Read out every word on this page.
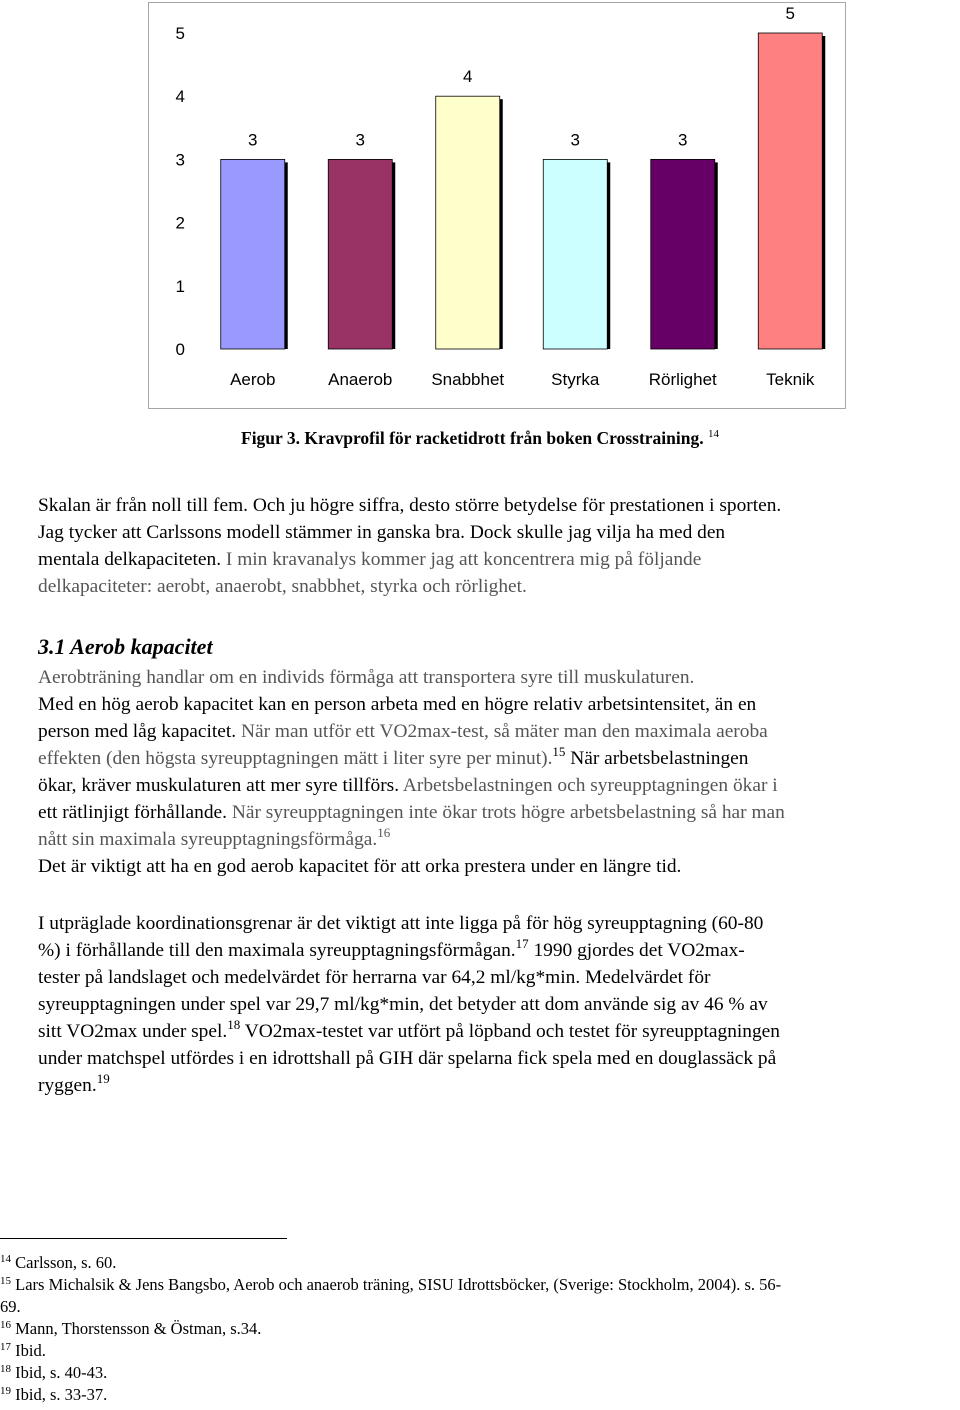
0
1
2
3
4
5
3
Aerob
3
Anaerob
4
Snabbhet
3
Styrka
3
Rörlighet
5
Teknik
Figur 3. Kravprofil för racketidrott från boken Crosstraining. $^{14}$
Skalan är från noll till fem. Och ju högre siffra, desto större betydelse för prestationen i sporten.
Jag tycker att Carlssons modell stämmer in ganska bra. Dock skulle jag vilja ha med den
mentala delkapaciteten. I min kravanalys kommer jag att koncentrera mig på följande
delkapaciteter: aerobt, anaerobt, snabbhet, styrka och rörlighet.
3.1 Aerob kapacitet
Aerobträning handlar om en individs förmåga att transportera syre till muskulaturen.
Med en hög aerob kapacitet kan en person arbeta med en högre relativ arbetsintensitet, än en
person med låg kapacitet. När man utför ett VO2max-test, så mäter man den maximala aeroba
effekten (den högsta syreupptagningen mätt i liter syre per minut).$^{15}$ När arbetsbelastningen
ökar, kräver muskulaturen att mer syre tillförs. Arbetsbelastningen och syreupptagningen ökar i
ett rätlinjigt förhållande. När syreupptagningen inte ökar trots högre arbetsbelastning så har man
nått sin maximala syreupptagningsförmåga.$^{16}$
Det är viktigt att ha en god aerob kapacitet för att orka prestera under en längre tid.
I utpräglade koordinationsgrenar är det viktigt att inte ligga på för hög syreupptagning (60-80
%) i förhållande till den maximala syreupptagningsförmågan.$^{17}$ 1990 gjordes det VO2max-
tester på landslaget och medelvärdet för herrarna var 64,2 ml/kg*min. Medelvärdet för
syreupptagningen under spel var 29,7 ml/kg*min, det betyder att dom använde sig av 46 % av
sitt VO2max under spel.$^{18}$ VO2max-testet var utfört på löpband och testet för syreupptagningen
under matchspel utfördes i en idrottshall på GIH där spelarna fick spela med en douglassäck på
ryggen.$^{19}$
$^{14}$ Carlsson, s. 60.
$^{15}$ Lars Michalsik & Jens Bangsbo, Aerob och anaerob träning, SISU Idrottsböcker, (Sverige: Stockholm, 2004). s. 56-
69.
$^{16}$ Mann, Thorstensson & Östman, s.34.
$^{17}$ Ibid.
$^{18}$ Ibid, s. 40-43.
$^{19}$ Ibid, s. 33-37.
